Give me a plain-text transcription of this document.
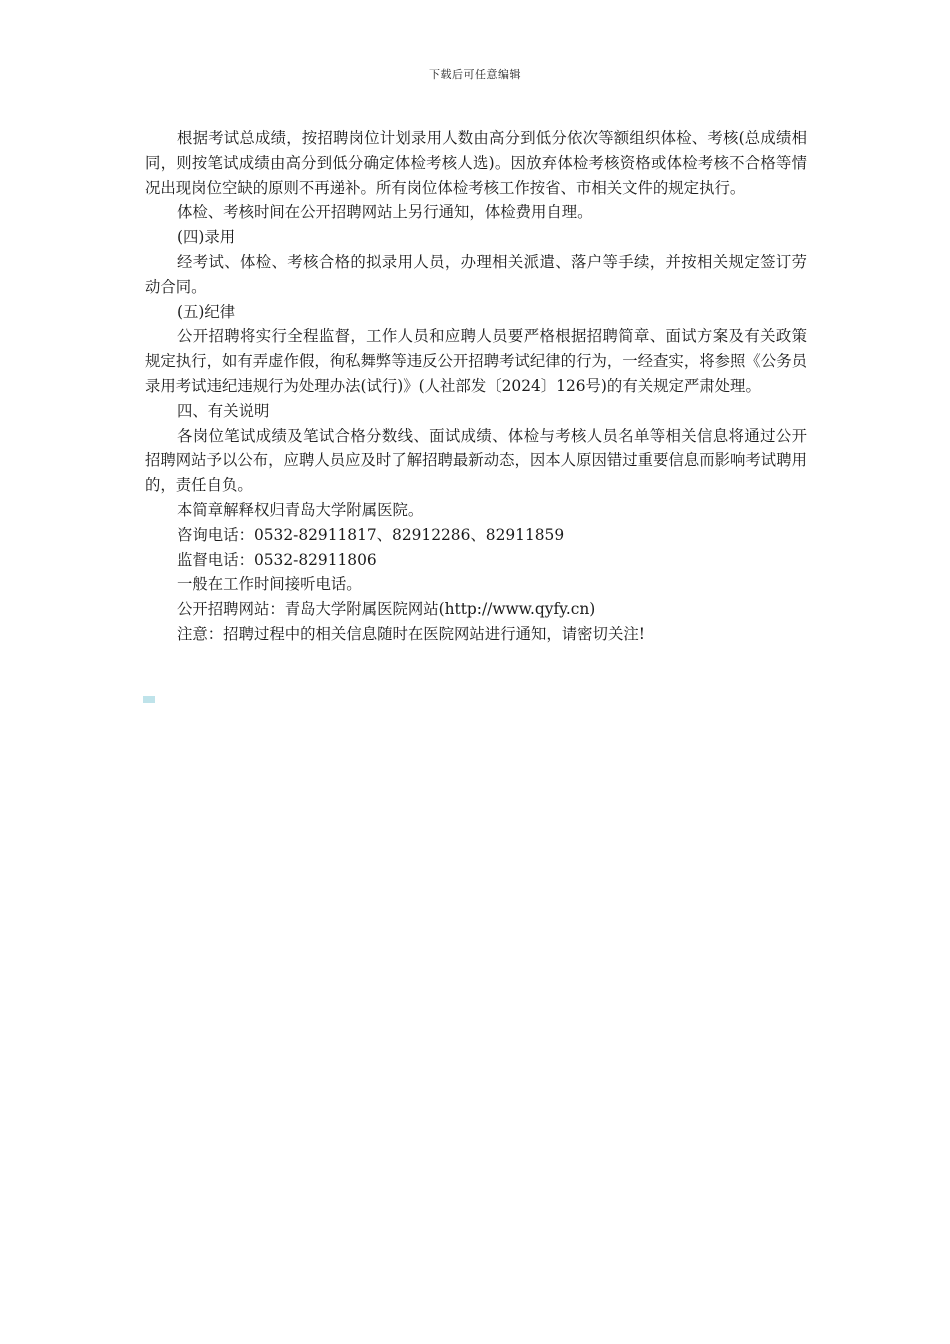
下载后可任意编辑

根据考试总成绩，按招聘岗位计划录用人数由高分到低分依次等额组织体检、考核(总成绩相同，则按笔试成绩由高分到低分确定体检考核人选)。因放弃体检考核资格或体检考核不合格等情况出现岗位空缺的原则不再递补。所有岗位体检考核工作按省、市相关文件的规定执行。

体检、考核时间在公开招聘网站上另行通知，体检费用自理。

(四)录用

经考试、体检、考核合格的拟录用人员，办理相关派遣、落户等手续，并按相关规定签订劳动合同。

(五)纪律

公开招聘将实行全程监督，工作人员和应聘人员要严格根据招聘简章、面试方案及有关政策规定执行，如有弄虚作假，徇私舞弊等违反公开招聘考试纪律的行为，一经查实，将参照《公务员录用考试违纪违规行为处理办法(试行)》(人社部发〔2024〕126号)的有关规定严肃处理。

四、有关说明

各岗位笔试成绩及笔试合格分数线、面试成绩、体检与考核人员名单等相关信息将通过公开招聘网站予以公布，应聘人员应及时了解招聘最新动态，因本人原因错过重要信息而影响考试聘用的，责任自负。

本简章解释权归青岛大学附属医院。

咨询电话：0532-82911817、82912286、82911859

监督电话：0532-82911806

一般在工作时间接听电话。

公开招聘网站：青岛大学附属医院网站(http://www.qyfy.cn)

注意：招聘过程中的相关信息随时在医院网站进行通知，请密切关注!
